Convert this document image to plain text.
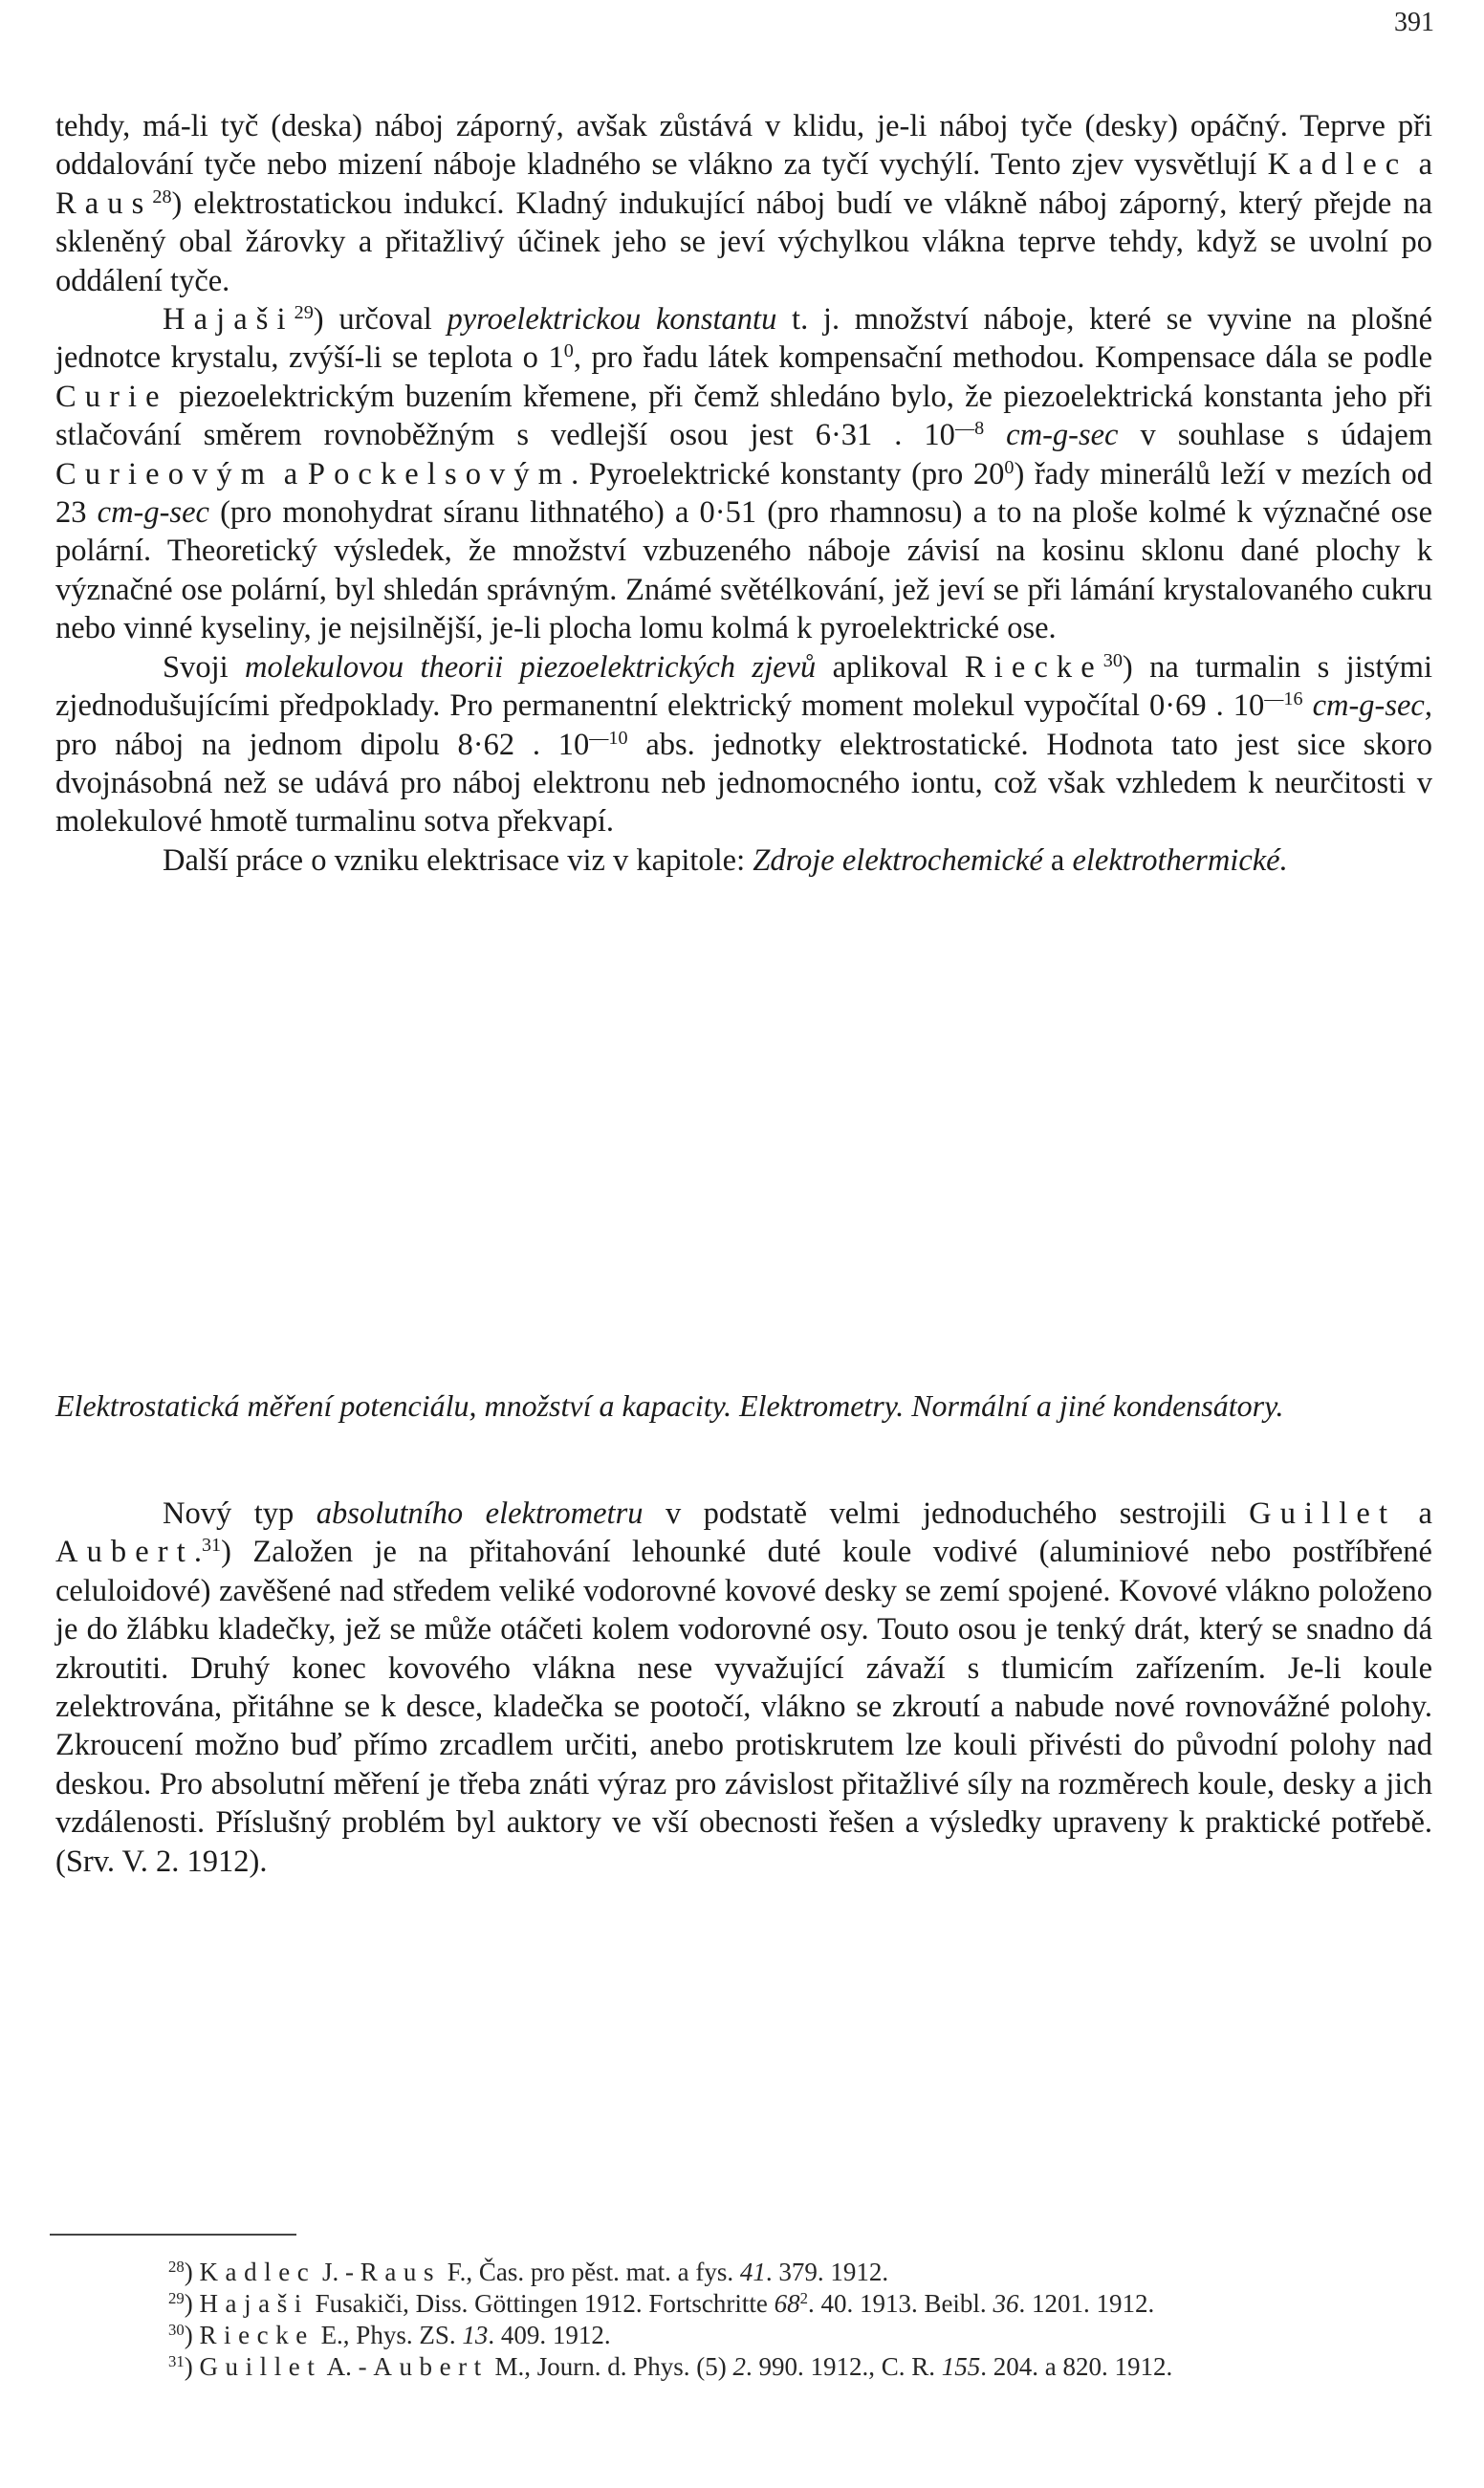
391

tehdy, má-li tyč (deska) náboj záporný, avšak zůstává v klidu, je-li náboj tyče (desky) opáčný. Teprve při oddalování tyče nebo mizení náboje kladného se vlákno za tyčí vychýlí. Tento zjev vysvětlují Kadlec a Raus$^{28}$) elektrostatickou indukcí. Kladný indukující náboj budí ve vlákně náboj záporný, který přejde na skleněný obal žárovky a přitažlivý účinek jeho se jeví výchylkou vlákna teprve tehdy, když se uvolní po oddálení tyče.

Hajaši$^{29}$) určoval pyroelektrickou konstantu t. j. množství náboje, které se vyvine na plošné jednotce krystalu, zvýší-li se teplota o $1^0$, pro řadu látek kompensační methodou. Kompensace dála se podle Curie piezoelektrickým buzením křemene, při čemž shledáno bylo, že piezoelektrická konstanta jeho při stlačování směrem rovnoběžným s vedlejší osou jest 6·31 . $10^{—8}$ cm-g-sec v souhlase s údajem Curieovým a Pockelsovým. Pyroelektrické konstanty (pro $20^0$) řady minerálů leží v mezích od 23 cm-g-sec (pro monohydrat síranu lithnatého) a 0·51 (pro rhamnosu) a to na ploše kolmé k význačné ose polární. Theoretický výsledek, že množství vzbuzeného náboje závisí na kosinu sklonu dané plochy k význačné ose polární, byl shledán správným. Známé světélkování, jež jeví se při lámání krystalovaného cukru nebo vinné kyseliny, je nejsilnější, je-li plocha lomu kolmá k pyroelektrické ose.

Svoji molekulovou theorii piezoelektrických zjevů aplikoval Riecke$^{30}$) na turmalin s jistými zjednodušujícími předpoklady. Pro permanentní elektrický moment molekul vypočítal 0·69 . $10^{—16}$ cm-g-sec, pro náboj na jednom dipolu 8·62 . $10^{—10}$ abs. jednotky elektrostatické. Hodnota tato jest sice skoro dvojnásobná než se udává pro náboj elektronu neb jednomocného iontu, což však vzhledem k neurčitosti v molekulové hmotě turmalinu sotva překvapí.

Další práce o vzniku elektrisace viz v kapitole: Zdroje elektrochemické a elektrothermické.

Elektrostatická měření potenciálu, množství a kapacity. Elektrometry. Normální a jiné kondensátory.

Nový typ absolutního elektrometru v podstatě velmi jednoduchého sestrojili Guillet a Aubert.$^{31}$) Založen je na přitahování lehounké duté koule vodivé (aluminiové nebo postříbřené celuloidové) zavěšené nad středem veliké vodorovné kovové desky se zemí spojené. Kovové vlákno položeno je do žlábku kladečky, jež se může otáčeti kolem vodorovné osy. Touto osou je tenký drát, který se snadno dá zkroutiti. Druhý konec kovového vlákna nese vyvažující závaží s tlumicím zařízením. Je-li koule zelektrována, přitáhne se k desce, kladečka se pootočí, vlákno se zkroutí a nabude nové rovnovážné polohy. Zkroucení možno buď přímo zrcadlem určiti, anebo protiskrutem lze kouli přivésti do původní polohy nad deskou. Pro absolutní měření je třeba znáti výraz pro závislost přitažlivé síly na rozměrech koule, desky a jich vzdálenosti. Příslušný problém byl auktory ve vší obecnosti řešen a výsledky upraveny k praktické potřebě. (Srv. V. 2. 1912).

$^{28}$) Kadlec J. - Raus F., Čas. pro pěst. mat. a fys. 41. 379. 1912.

$^{29}$) Hajaši Fusakiči, Diss. Göttingen 1912. Fortschritte $68^2$. 40. 1913. Beibl. 36. 1201. 1912.

$^{30}$) Riecke E., Phys. ZS. 13. 409. 1912.

$^{31}$) Guillet A. - Aubert M., Journ. d. Phys. (5) 2. 990. 1912., C. R. 155. 204. a 820. 1912.
